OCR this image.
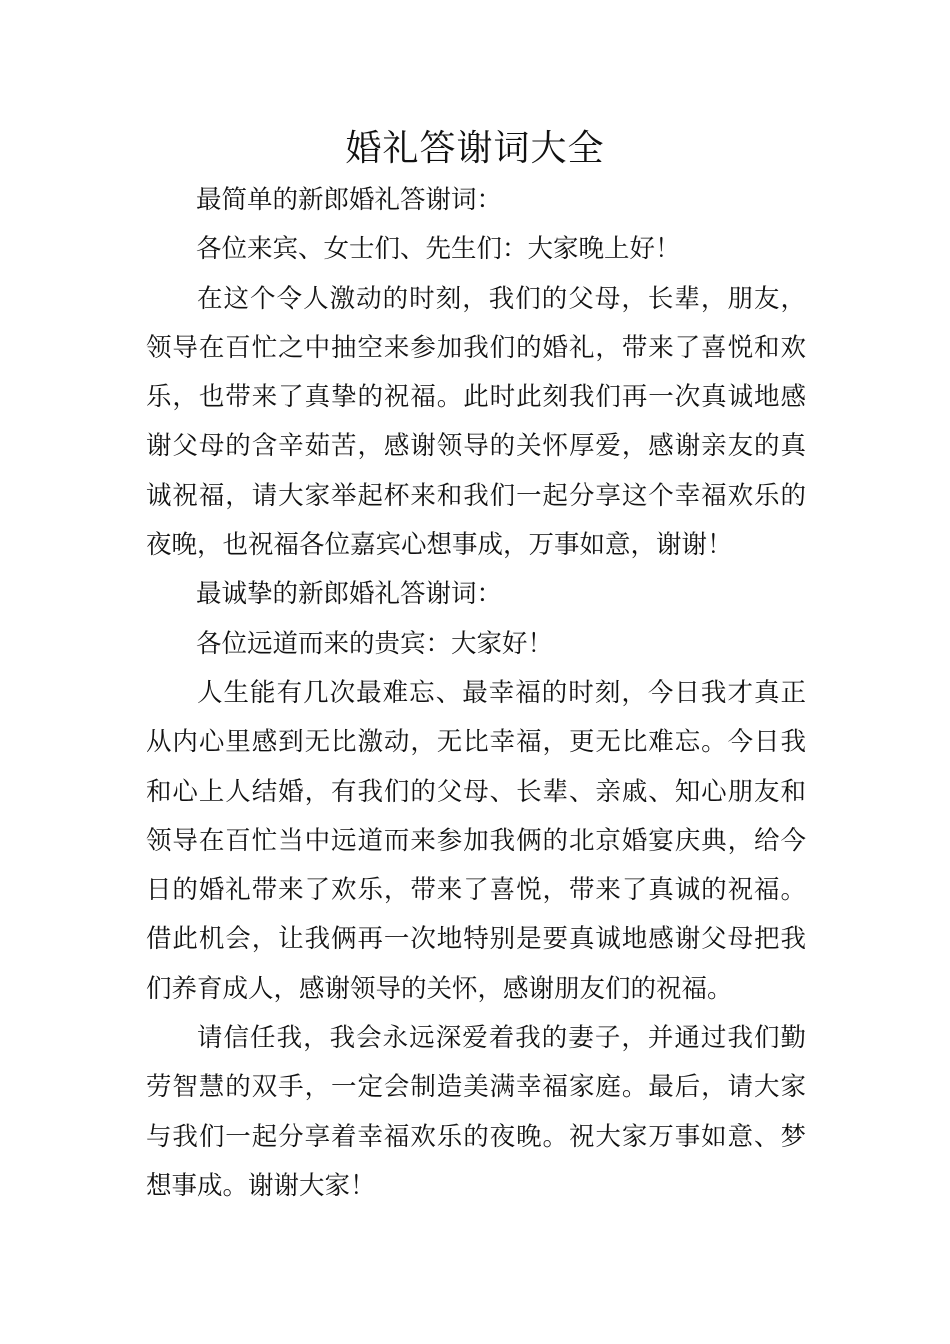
婚礼答谢词大全

最简单的新郎婚礼答谢词：

各位来宾、女士们、先生们：大家晚上好！

在这个令人激动的时刻，我们的父母，长辈，朋友，领导在百忙之中抽空来参加我们的婚礼，带来了喜悦和欢乐，也带来了真挚的祝福。此时此刻我们再一次真诚地感谢父母的含辛茹苦，感谢领导的关怀厚爱，感谢亲友的真诚祝福，请大家举起杯来和我们一起分享这个幸福欢乐的夜晚，也祝福各位嘉宾心想事成，万事如意，谢谢！

最诚挚的新郎婚礼答谢词：

各位远道而来的贵宾：大家好！

人生能有几次最难忘、最幸福的时刻，今日我才真正从内心里感到无比激动，无比幸福，更无比难忘。今日我和心上人结婚，有我们的父母、长辈、亲戚、知心朋友和领导在百忙当中远道而来参加我俩的北京婚宴庆典，给今日的婚礼带来了欢乐，带来了喜悦，带来了真诚的祝福。借此机会，让我俩再一次地特别是要真诚地感谢父母把我们养育成人，感谢领导的关怀，感谢朋友们的祝福。

请信任我，我会永远深爱着我的妻子，并通过我们勤劳智慧的双手，一定会制造美满幸福家庭。最后，请大家与我们一起分享着幸福欢乐的夜晚。祝大家万事如意、梦想事成。谢谢大家！
